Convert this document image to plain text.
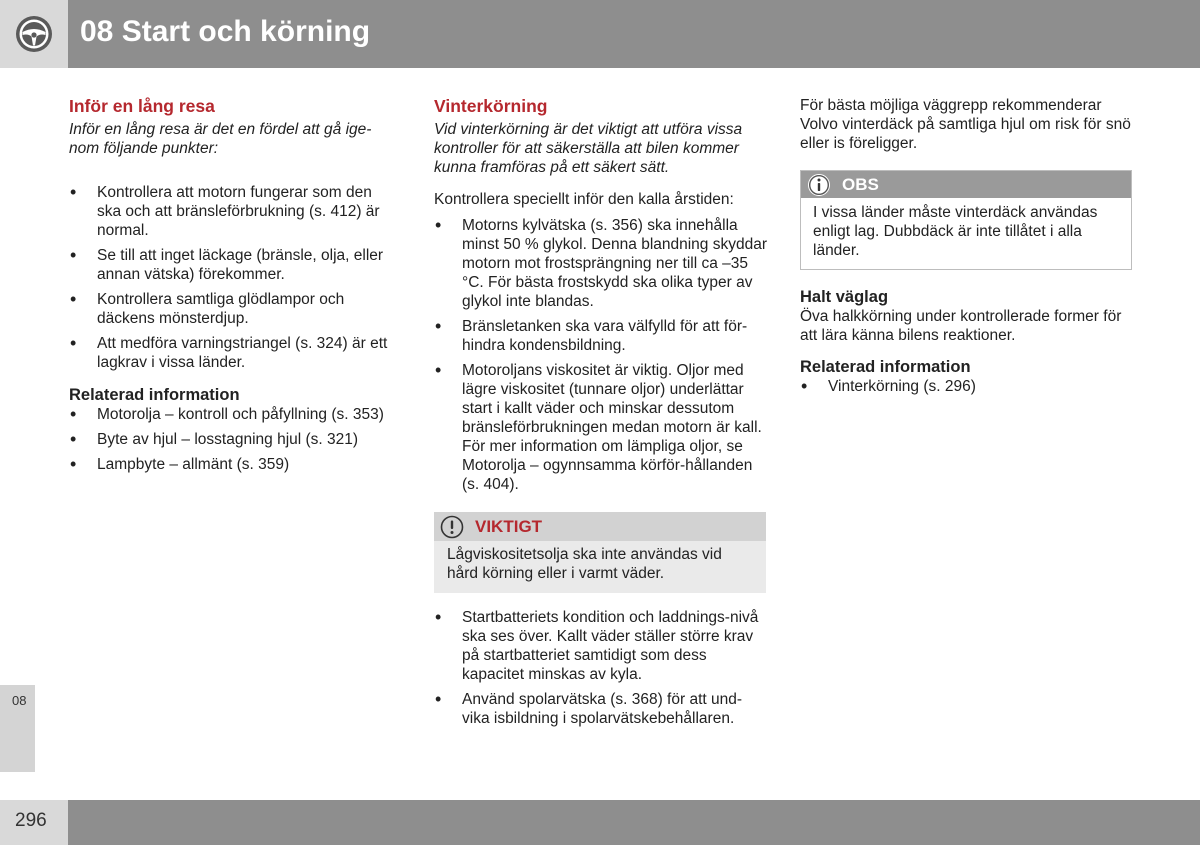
08 Start och körning
Inför en lång resa

Inför en lång resa är det en fördel att gå ige-nom följande punkter:

• Kontrollera att motorn fungerar som den ska och att bränsleförbrukning (s. 412) är normal.
• Se till att inget läckage (bränsle, olja, eller annan vätska) förekommer.
• Kontrollera samtliga glödlampor och däckens mönsterdjup.
• Att medföra varningstriangel (s. 324) är ett lagkrav i vissa länder.
Relaterad information
• Motorolja – kontroll och påfyllning (s. 353)
• Byte av hjul – losstagning hjul (s. 321)
• Lampbyte – allmänt (s. 359)
Vinterkörning

Vid vinterkörning är det viktigt att utföra vissa kontroller för att säkerställa att bilen kommer kunna framföras på ett säkert sätt.

Kontrollera speciellt inför den kalla årstiden:

• Motorns kylvätska (s. 356) ska innehålla minst 50 % glykol. Denna blandning skyddar motorn mot frostsprängning ner till ca –35 °C. För bästa frostskydd ska olika typer av glykol inte blandas.
• Bränsletanken ska vara välfylld för att för-hindra kondensbildning.
• Motoroljans viskositet är viktig. Oljor med lägre viskositet (tunnare oljor) underlättar start i kallt väder och minskar dessutom bränsleförbrukningen medan motorn är kall. För mer information om lämpliga oljor, se Motorolja – ogynnsamma körför-hållanden (s. 404).
VIKTIGT
Lågviskositetsolja ska inte användas vid hård körning eller i varmt väder.
• Startbatteriets kondition och laddnings-nivå ska ses över. Kallt väder ställer större krav på startbatteriet samtidigt som dess kapacitet minskas av kyla.
• Använd spolarvätska (s. 368) för att und-vika isbildning i spolarvätskebehållaren.

För bästa möjliga väggrepp rekommenderar Volvo vinterdäck på samtliga hjul om risk för snö eller is föreligger.

OBS
I vissa länder måste vinterdäck användas enligt lag. Dubbdäck är inte tillåtet i alla länder.
Halt väglag

Öva halkkörning under kontrollerade former för att lära känna bilens reaktioner.

Relaterad information
• Vinterkörning (s. 296)
08
296
